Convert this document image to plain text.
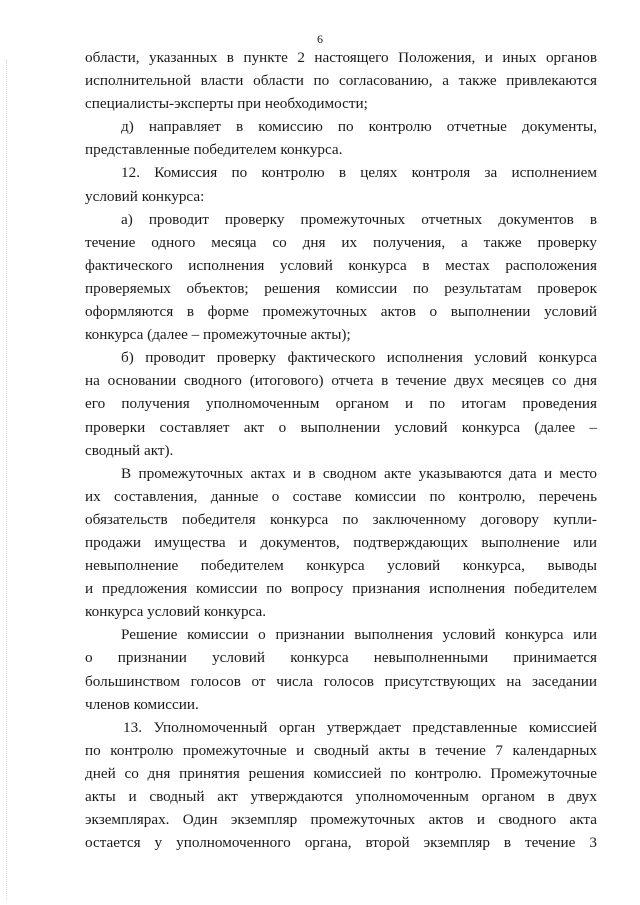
6
области, указанных в пункте 2 настоящего Положения, и иных органов
исполнительной власти области по согласованию, а также привлекаются
специалисты-эксперты при необходимости;
д) направляет в комиссию по контролю отчетные документы,
представленные победителем конкурса.
12. Комиссия по контролю в целях контроля за исполнением
условий конкурса:
а) проводит проверку промежуточных отчетных документов в
течение одного месяца со дня их получения, а также проверку
фактического исполнения условий конкурса в местах расположения
проверяемых объектов; решения комиссии по результатам проверок
оформляются в форме промежуточных актов о выполнении условий
конкурса (далее – промежуточные акты);
б) проводит проверку фактического исполнения условий конкурса
на основании сводного (итогового) отчета в течение двух месяцев со дня
его получения уполномоченным органом и по итогам проведения
проверки составляет акт о выполнении условий конкурса (далее –
сводный акт).
В промежуточных актах и в сводном акте указываются дата и место
их составления, данные о составе комиссии по контролю, перечень
обязательств победителя конкурса по заключенному договору купли-
продажи имущества и документов, подтверждающих выполнение или
невыполнение победителем конкурса условий конкурса, выводы
и предложения комиссии по вопросу признания исполнения победителем
конкурса условий конкурса.
Решение комиссии о признании выполнения условий конкурса или
о признании условий конкурса невыполненными принимается
большинством голосов от числа голосов присутствующих на заседании
членов комиссии.
13. Уполномоченный орган утверждает представленные комиссией
по контролю промежуточные и сводный акты в течение 7 календарных
дней со дня принятия решения комиссией по контролю. Промежуточные
акты и сводный акт утверждаются уполномоченным органом в двух
экземплярах. Один экземпляр промежуточных актов и сводного акта
остается у уполномоченного органа, второй экземпляр в течение 3
